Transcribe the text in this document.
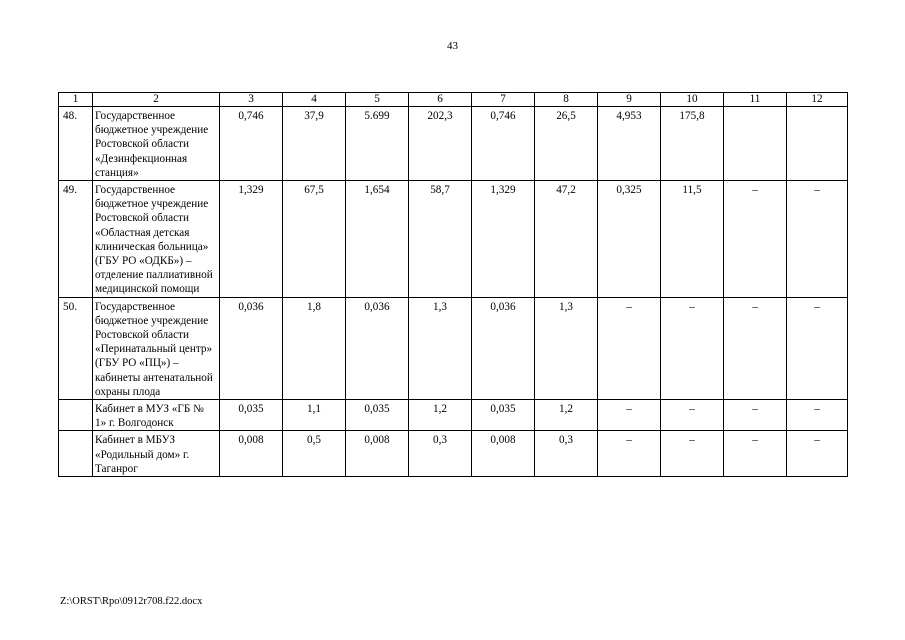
43
1	2	3	4	5	6	7	8	9	10	11	12
48.	Государственное бюджетное учреждение Ростовской области «Дезинфекционная станция»	0,746	37,9	5.699	202,3	0,746	26,5	4,953	175,8		
49.	Государственное бюджетное учреждение Ростовской области «Областная детская клиническая больница» (ГБУ РО «ОДКБ») – отделение паллиативной медицинской помощи	1,329	67,5	1,654	58,7	1,329	47,2	0,325	11,5	–	–
50.	Государственное бюджетное учреждение Ростовской области «Перинатальный центр» (ГБУ РО «ПЦ») – кабинеты антенатальной охраны плода	0,036	1,8	0,036	1,3	0,036	1,3	–	–	–	–
	Кабинет в МУЗ «ГБ № 1» г. Волгодонск	0,035	1,1	0,035	1,2	0,035	1,2	–	–	–	–
	Кабинет в МБУЗ «Родильный дом» г. Таганрог	0,008	0,5	0,008	0,3	0,008	0,3	–	–	–	–
Z:\ORST\Rpo\0912r708.f22.docx
